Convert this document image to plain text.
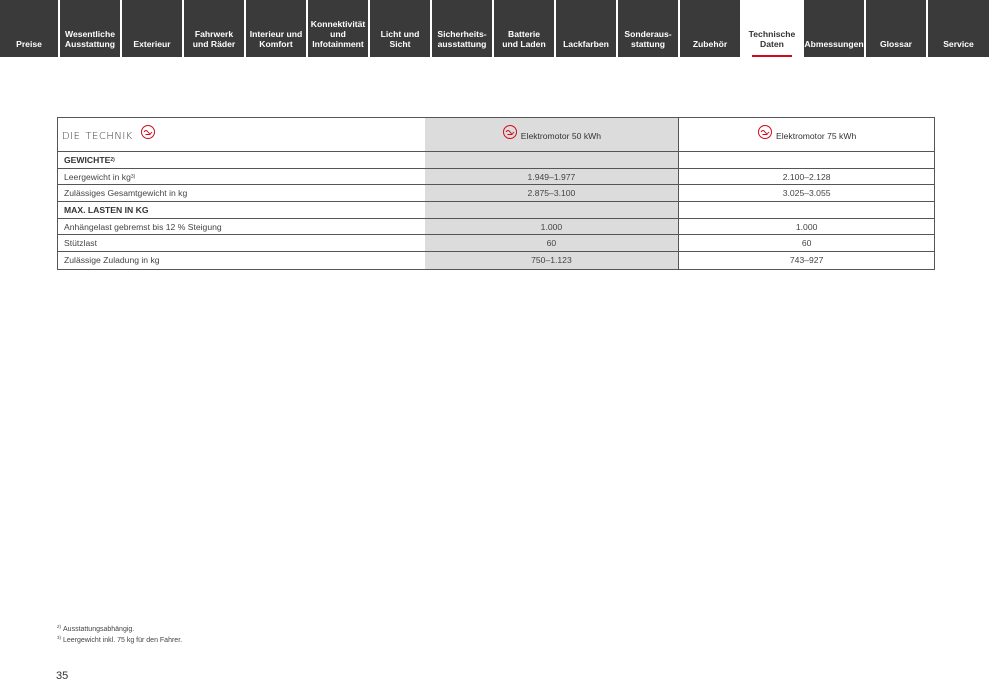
Preise
Wesentliche
Ausstattung	Exterieur
Fahrwerk
und Räder
Interieur und
Komfort
Konnektivität
und
Infotainment
Licht und Sicht
Sicherheits-
ausstattung
Batterie
und Laden	Lackfarben
Sonderaus-
stattung	Zubehör
Technische
Daten	Abmessungen	Glossar	Service
die technik	Elektromotor 50 kWh	Elektromotor 75 kWh
GEWICHTE 2)
Leergewicht in kg 3)	1.949–1.977	2.100–2.128
Zulässiges Gesamtgewicht in kg	2.875–3.100	3.025–3.055
MAX. LASTEN IN KG
Anhängelast gebremst bis 12 % Steigung	1.000	1.000
Stützlast	60	60
Zulässige Zuladung in kg	750–1.123	743–927
$^{2)}$ Ausstattungsabhängig.
$^{3)}$ Leergewicht inkl. 75 kg für den Fahrer.
35
